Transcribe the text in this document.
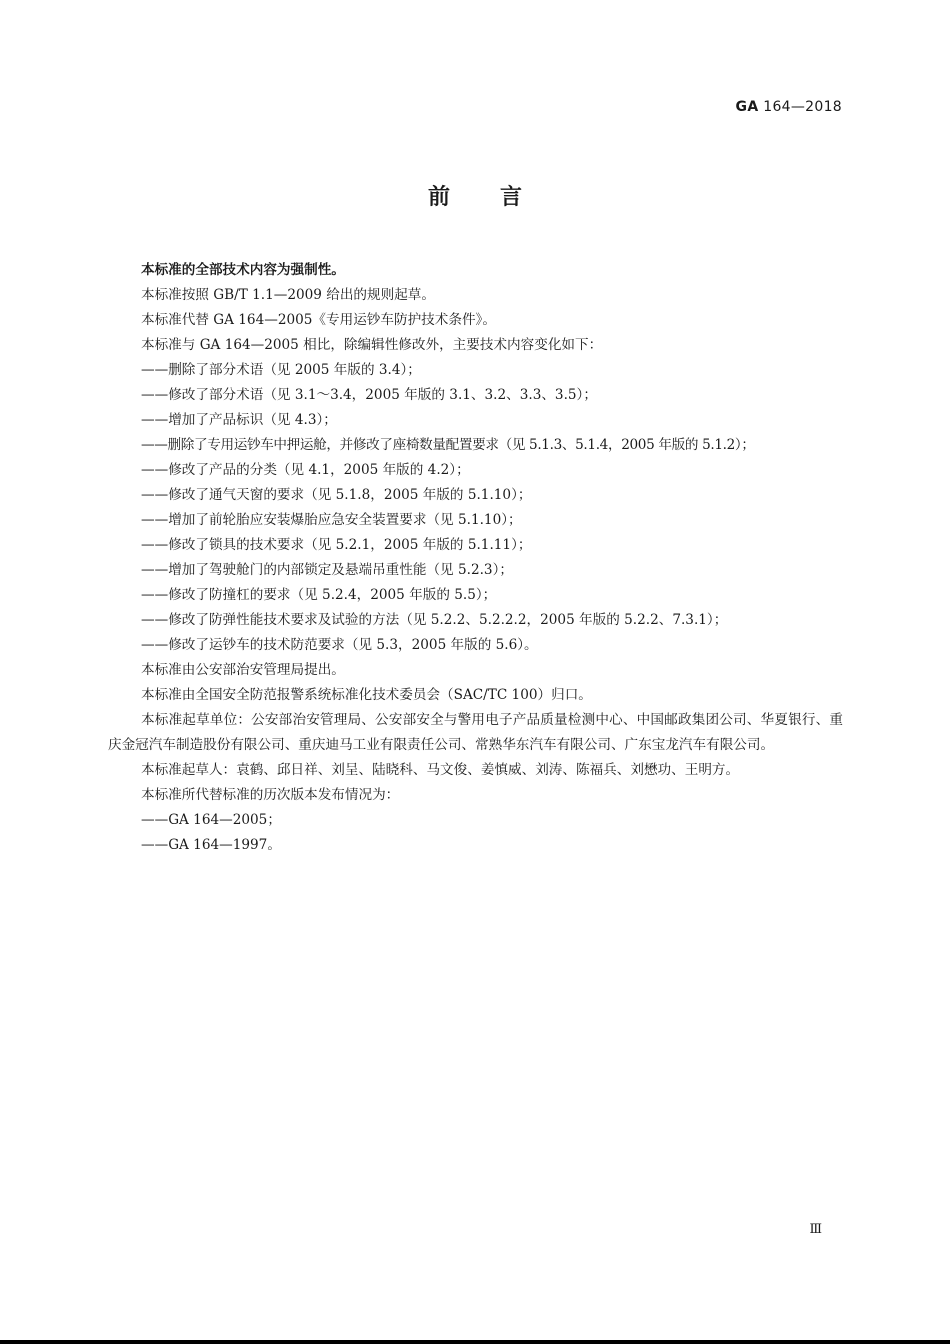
GA 164—2018
前言

本标准的全部技术内容为强制性。

本标准按照 GB/T 1.1—2009 给出的规则起草。

本标准代替 GA 164—2005《专用运钞车防护技术条件》。

本标准与 GA 164—2005 相比，除编辑性修改外，主要技术内容变化如下：

——删除了部分术语（见 2005 年版的 3.4）；

——修改了部分术语（见 3.1～3.4，2005 年版的 3.1、3.2、3.3、3.5）；

——增加了产品标识（见 4.3）；

——删除了专用运钞车中押运舱，并修改了座椅数量配置要求（见 5.1.3、5.1.4，2005 年版的 5.1.2）；

——修改了产品的分类（见 4.1，2005 年版的 4.2）；

——修改了通气天窗的要求（见 5.1.8，2005 年版的 5.1.10）；

——增加了前轮胎应安装爆胎应急安全装置要求（见 5.1.10）；

——修改了锁具的技术要求（见 5.2.1，2005 年版的 5.1.11）；

——增加了驾驶舱门的内部锁定及悬端吊重性能（见 5.2.3）；

——修改了防撞杠的要求（见 5.2.4，2005 年版的 5.5）；

——修改了防弹性能技术要求及试验的方法（见 5.2.2、5.2.2.2，2005 年版的 5.2.2、7.3.1）；

——修改了运钞车的技术防范要求（见 5.3，2005 年版的 5.6）。

本标准由公安部治安管理局提出。

本标准由全国安全防范报警系统标准化技术委员会（SAC/TC 100）归口。

本标准起草单位：公安部治安管理局、公安部安全与警用电子产品质量检测中心、中国邮政集团公司、华夏银行、重庆金冠汽车制造股份有限公司、重庆迪马工业有限责任公司、常熟华东汽车有限公司、广东宝龙汽车有限公司。

本标准起草人：袁鹤、邱日祥、刘呈、陆晓科、马文俊、姜慎威、刘涛、陈福兵、刘懋功、王明方。

本标准所代替标准的历次版本发布情况为：

——GA 164—2005；

——GA 164—1997。

Ⅲ
